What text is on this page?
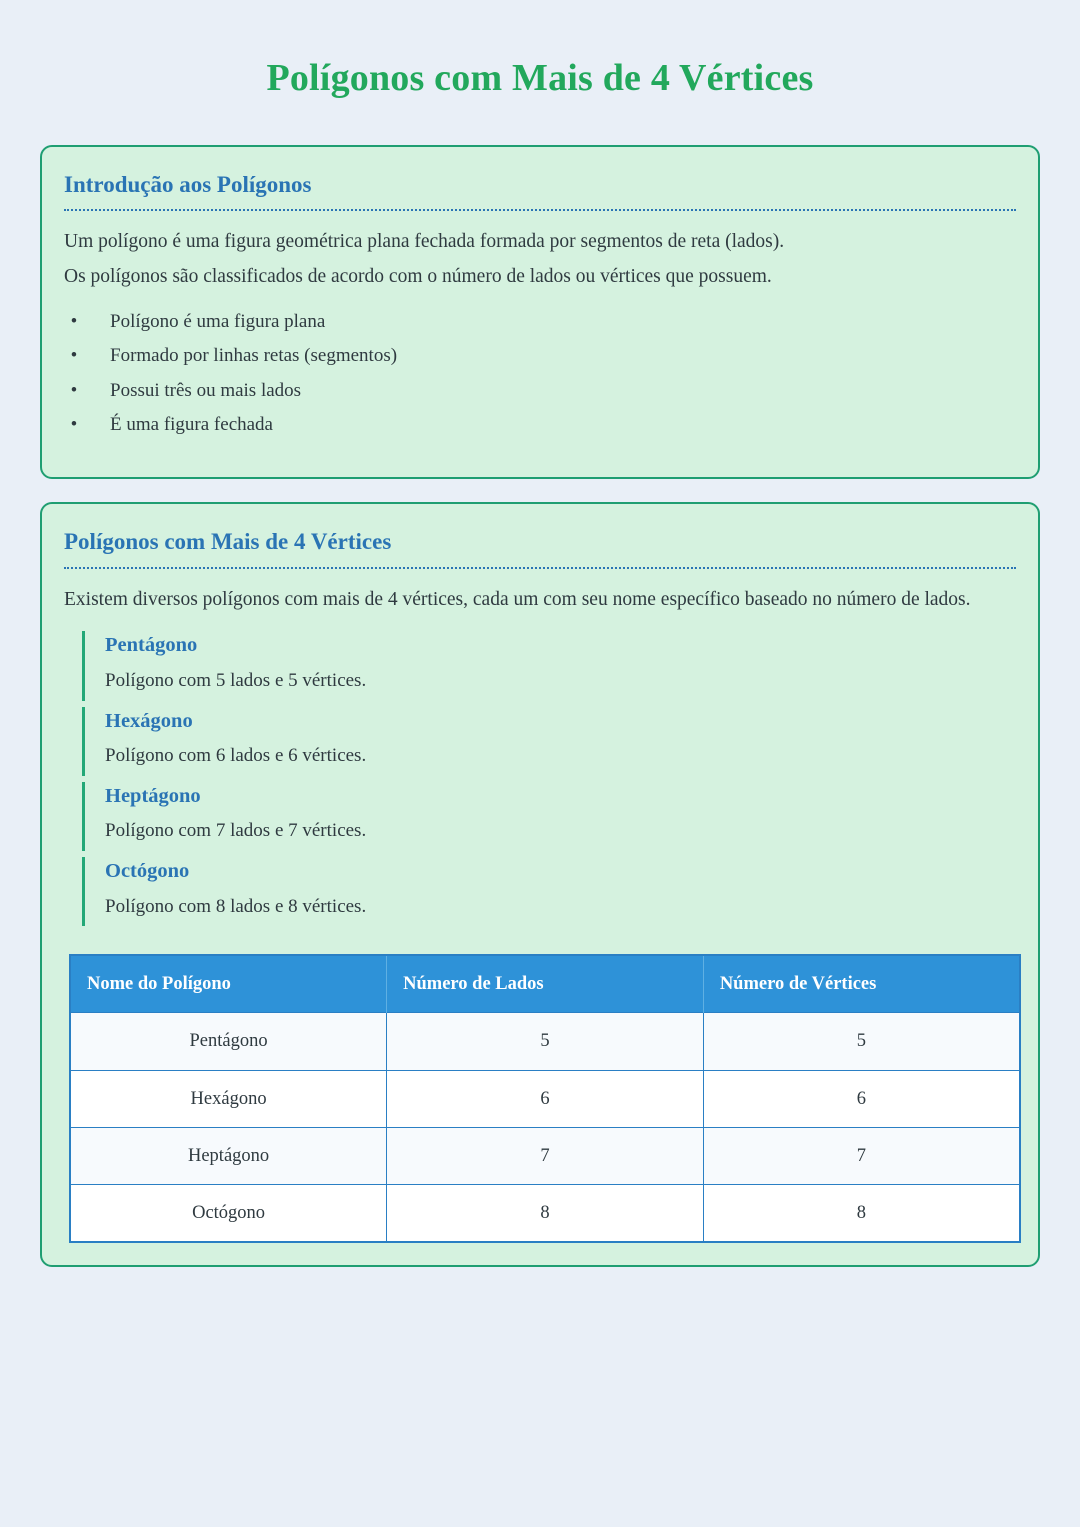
Polígonos com Mais de 4 Vértices
Introdução aos Polígonos

Um polígono é uma figura geométrica plana fechada formada por segmentos de reta (lados).

Os polígonos são classificados de acordo com o número de lados ou vértices que possuem.

•	Polígono é uma figura plana
•	Formado por linhas retas (segmentos)
•	Possui três ou mais lados
•	É uma figura fechada
Polígonos com Mais de 4 Vértices

Existem diversos polígonos com mais de 4 vértices, cada um com seu nome específico baseado no número de lados.

Pentágono

Polígono com 5 lados e 5 vértices.

Hexágono

Polígono com 6 lados e 6 vértices.

Heptágono

Polígono com 7 lados e 7 vértices.

Octógono

Polígono com 8 lados e 8 vértices.

Nome do Polígono	Número de Lados	Número de Vértices
Pentágono	5	5
Hexágono	6	6
Heptágono	7	7
Octógono	8	8
